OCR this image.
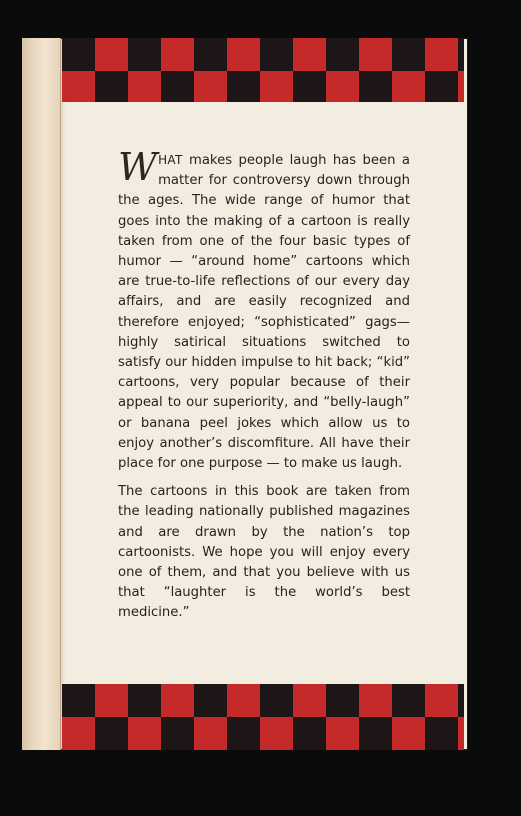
WHAT makes people laugh has been a matter for controversy down through the ages. The wide range of humor that goes into the making of a cartoon is really taken from one of the four basic types of humor — “around home” cartoons which are true-to-life reflections of our every day affairs, and are easily recognized and therefore enjoyed; “sophisticated” gags—highly satirical situations switched to satisfy our hidden impulse to hit back; “kid” cartoons, very popular because of their appeal to our superiority, and “belly-laugh” or banana peel jokes which allow us to enjoy another’s discomfiture. All have their place for one purpose — to make us laugh.

The cartoons in this book are taken from the leading nationally published magazines and are drawn by the nation’s top cartoonists. We hope you will enjoy every one of them, and that you believe with us that “laughter is the world’s best medicine.”
